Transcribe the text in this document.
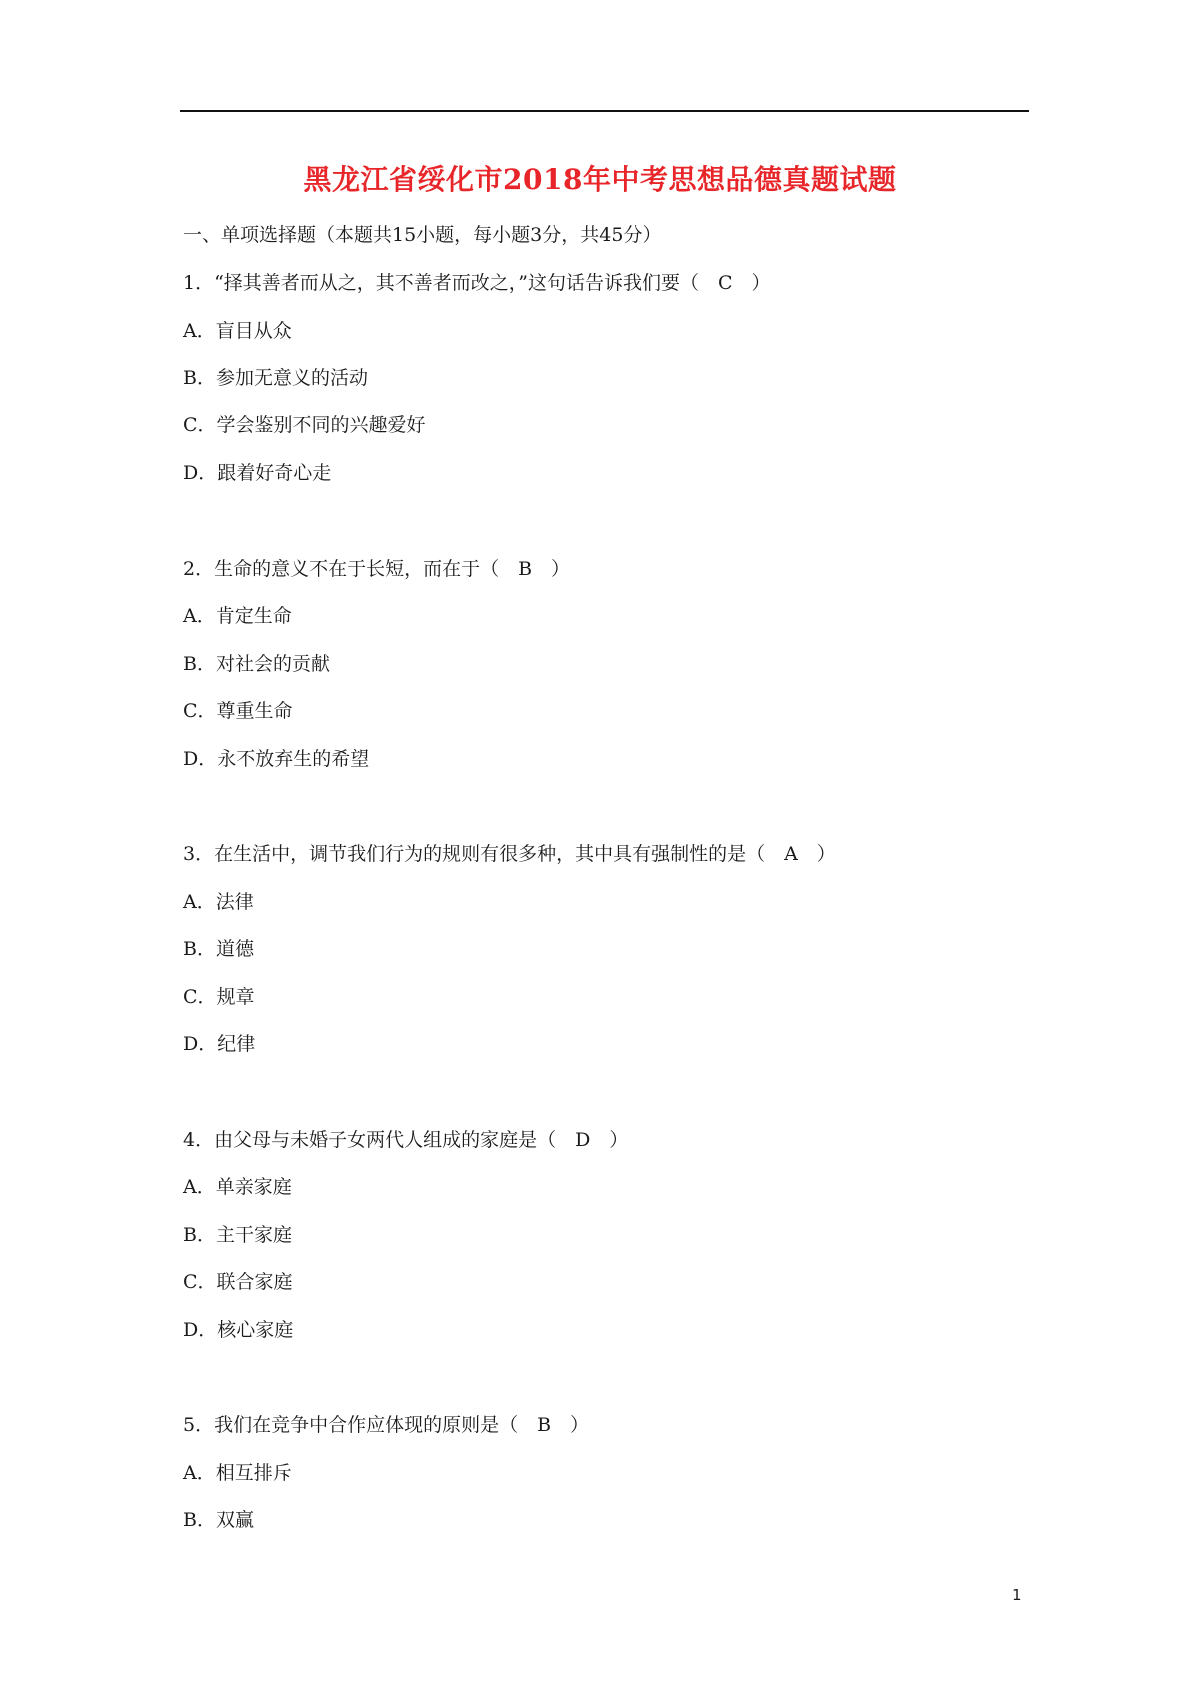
黑龙江省绥化市2018年中考思想品德真题试题
一、单项选择题（本题共15小题，每小题3分，共45分）
1．“择其善者而从之，其不善者而改之，”这句话告诉我们要（　C　）
A．盲目从众
B．参加无意义的活动
C．学会鉴别不同的兴趣爱好
D．跟着好奇心走
2．生命的意义不在于长短，而在于（　B　）
A．肯定生命
B．对社会的贡献
C．尊重生命
D．永不放弃生的希望
3．在生活中，调节我们行为的规则有很多种，其中具有强制性的是（　A　）
A．法律
B．道德
C．规章
D．纪律
4．由父母与未婚子女两代人组成的家庭是（　D　）
A．单亲家庭
B．主干家庭
C．联合家庭
D．核心家庭
5．我们在竞争中合作应体现的原则是（　B　）
A．相互排斥
B．双赢
1
